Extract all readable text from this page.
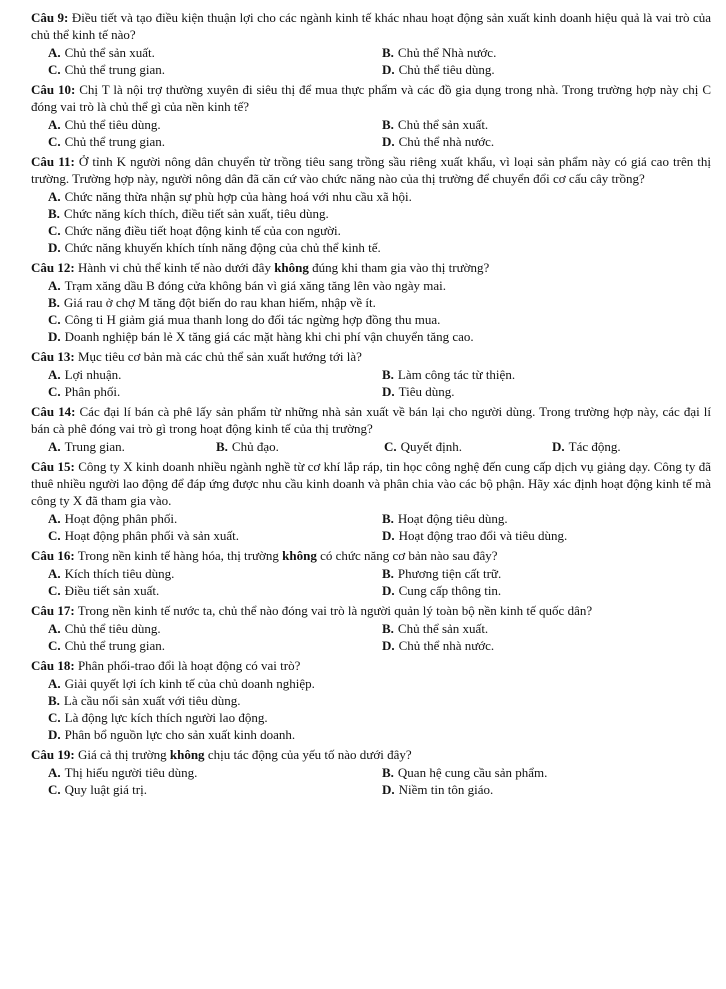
Câu 9: Điều tiết và tạo điều kiện thuận lợi cho các ngành kinh tế khác nhau hoạt động sản xuất kinh doanh hiệu quả là vai trò của chủ thể kinh tế nào?

A. Chủ thể sản xuất.	B. Chủ thể Nhà nước.
C. Chủ thể trung gian.	D. Chủ thể tiêu dùng.

Câu 10: Chị T là nội trợ thường xuyên đi siêu thị để mua thực phẩm và các đồ gia dụng trong nhà. Trong trường hợp này chị C đóng vai trò là chủ thể gì của nền kinh tế?

A. Chủ thể tiêu dùng.	B. Chủ thể sản xuất.
C. Chủ thể trung gian.	D. Chủ thể nhà nước.

Câu 11: Ở tỉnh K người nông dân chuyển từ trồng tiêu sang trồng sầu riêng xuất khẩu, vì loại sản phẩm này có giá cao trên thị trường. Trường hợp này, người nông dân đã căn cứ vào chức năng nào của thị trường để chuyển đổi cơ cấu cây trồng?

A. Chức năng thừa nhận sự phù hợp của hàng hoá với nhu cầu xã hội.
B. Chức năng kích thích, điều tiết sản xuất, tiêu dùng.
C. Chức năng điều tiết hoạt động kinh tế của con người.
D. Chức năng khuyến khích tính năng động của chủ thể kinh tế.

Câu 12: Hành vi chủ thể kinh tế nào dưới đây không đúng khi tham gia vào thị trường?

A. Trạm xăng dầu B đóng cửa không bán vì giá xăng tăng lên vào ngày mai.
B. Giá rau ở chợ M tăng đột biến do rau khan hiếm, nhập về ít.
C. Công ti H giảm giá mua thanh long do đối tác ngừng hợp đồng thu mua.
D. Doanh nghiệp bán lẻ X tăng giá các mặt hàng khi chi phí vận chuyển tăng cao.

Câu 13: Mục tiêu cơ bản mà các chủ thể sản xuất hướng tới là?

A. Lợi nhuận.	B. Làm công tác từ thiện.
C. Phân phối.	D. Tiêu dùng.

Câu 14: Các đại lí bán cà phê lấy sản phẩm từ những nhà sản xuất về bán lại cho người dùng. Trong trường hợp này, các đại lí bán cà phê đóng vai trò gì trong hoạt động kinh tế của thị trường?

A. Trung gian.	B. Chủ đạo.	C. Quyết định.	D. Tác động.

Câu 15: Công ty X kinh doanh nhiều ngành nghề từ cơ khí lắp ráp, tin học công nghệ đến cung cấp dịch vụ giảng dạy. Công ty đã thuê nhiều người lao động để đáp ứng được nhu cầu kinh doanh và phân chia vào các bộ phận. Hãy xác định hoạt động kinh tế mà công ty X đã tham gia vào.

A. Hoạt động phân phối.	B. Hoạt động tiêu dùng.
C. Hoạt động phân phối và sản xuất.	D. Hoạt động trao đổi và tiêu dùng.

Câu 16: Trong nền kinh tế hàng hóa, thị trường không có chức năng cơ bản nào sau đây?

A. Kích thích tiêu dùng.	B. Phương tiện cất trữ.
C. Điều tiết sản xuất.	D. Cung cấp thông tin.

Câu 17: Trong nền kinh tế nước ta, chủ thể nào đóng vai trò là người quản lý toàn bộ nền kinh tế quốc dân?

A. Chủ thể tiêu dùng.	B. Chủ thể sản xuất.
C. Chủ thể trung gian.	D. Chủ thể nhà nước.

Câu 18: Phân phối-trao đổi là hoạt động có vai trò?

A. Giải quyết lợi ích kinh tế của chủ doanh nghiệp.
B. Là cầu nối sản xuất với tiêu dùng.
C. Là động lực kích thích người lao động.
D. Phân bổ nguồn lực cho sản xuất kinh doanh.

Câu 19: Giá cả thị trường không chịu tác động của yếu tố nào dưới đây?

A. Thị hiếu người tiêu dùng.	B. Quan hệ cung cầu sản phẩm.
C. Quy luật giá trị.	D. Niềm tin tôn giáo.
